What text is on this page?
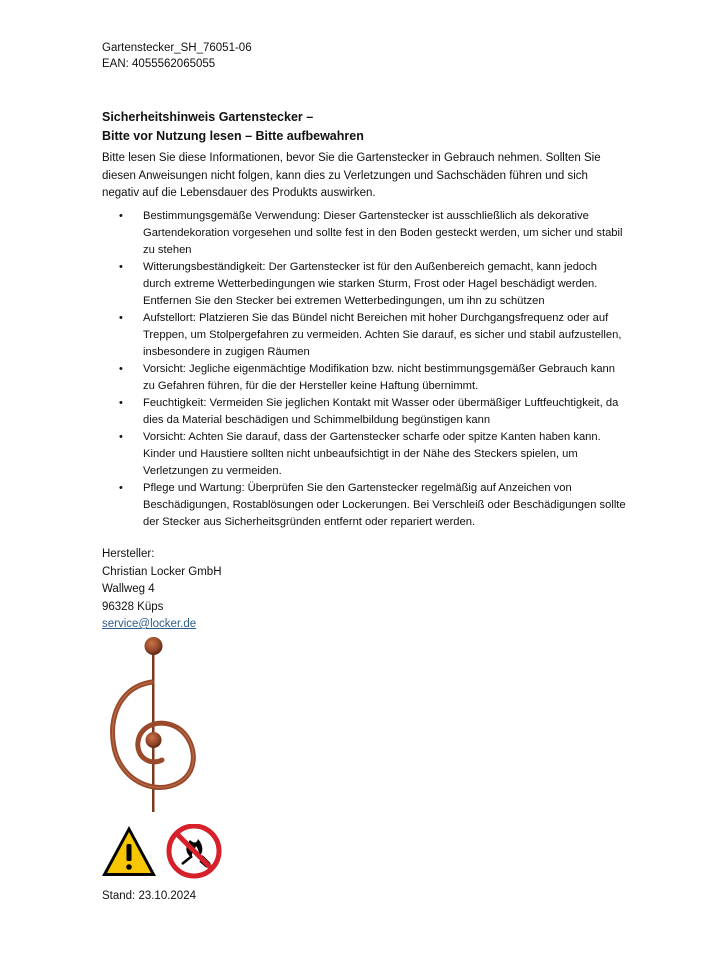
Gartenstecker_SH_76051-06
EAN: 4055562065055
Sicherheitshinweis Gartenstecker –
Bitte vor Nutzung lesen – Bitte aufbewahren
Bitte lesen Sie diese Informationen, bevor Sie die Gartenstecker in Gebrauch nehmen. Sollten Sie diesen Anweisungen nicht folgen, kann dies zu Verletzungen und Sachschäden führen und sich negativ auf die Lebensdauer des Produkts auswirken.
• Bestimmungsgemäße Verwendung: Dieser Gartenstecker ist ausschließlich als dekorative Gartendekoration vorgesehen und sollte fest in den Boden gesteckt werden, um sicher und stabil zu stehen
• Witterungsbeständigkeit: Der Gartenstecker ist für den Außenbereich gemacht, kann jedoch durch extreme Wetterbedingungen wie starken Sturm, Frost oder Hagel beschädigt werden. Entfernen Sie den Stecker bei extremen Wetterbedingungen, um ihn zu schützen
• Aufstellort: Platzieren Sie das Bündel nicht Bereichen mit hoher Durchgangsfrequenz oder auf Treppen, um Stolpergefahren zu vermeiden. Achten Sie darauf, es sicher und stabil aufzustellen, insbesondere in zugigen Räumen
• Vorsicht: Jegliche eigenmächtige Modifikation bzw. nicht bestimmungsgemäßer Gebrauch kann zu Gefahren führen, für die der Hersteller keine Haftung übernimmt.
• Feuchtigkeit: Vermeiden Sie jeglichen Kontakt mit Wasser oder übermäßiger Luftfeuchtigkeit, da dies da Material beschädigen und Schimmelbildung begünstigen kann
• Vorsicht: Achten Sie darauf, dass der Gartenstecker scharfe oder spitze Kanten haben kann. Kinder und Haustiere sollten nicht unbeaufsichtigt in der Nähe des Steckers spielen, um Verletzungen zu vermeiden.
• Pflege und Wartung: Überprüfen Sie den Gartenstecker regelmäßig auf Anzeichen von Beschädigungen, Rostablösungen oder Lockerungen. Bei Verschleiß oder Beschädigungen sollte der Stecker aus Sicherheitsgründen entfernt oder repariert werden.
Hersteller:
Christian Locker GmbH
Wallweg 4
96328 Küps
service@locker.de
Stand: 23.10.2024
